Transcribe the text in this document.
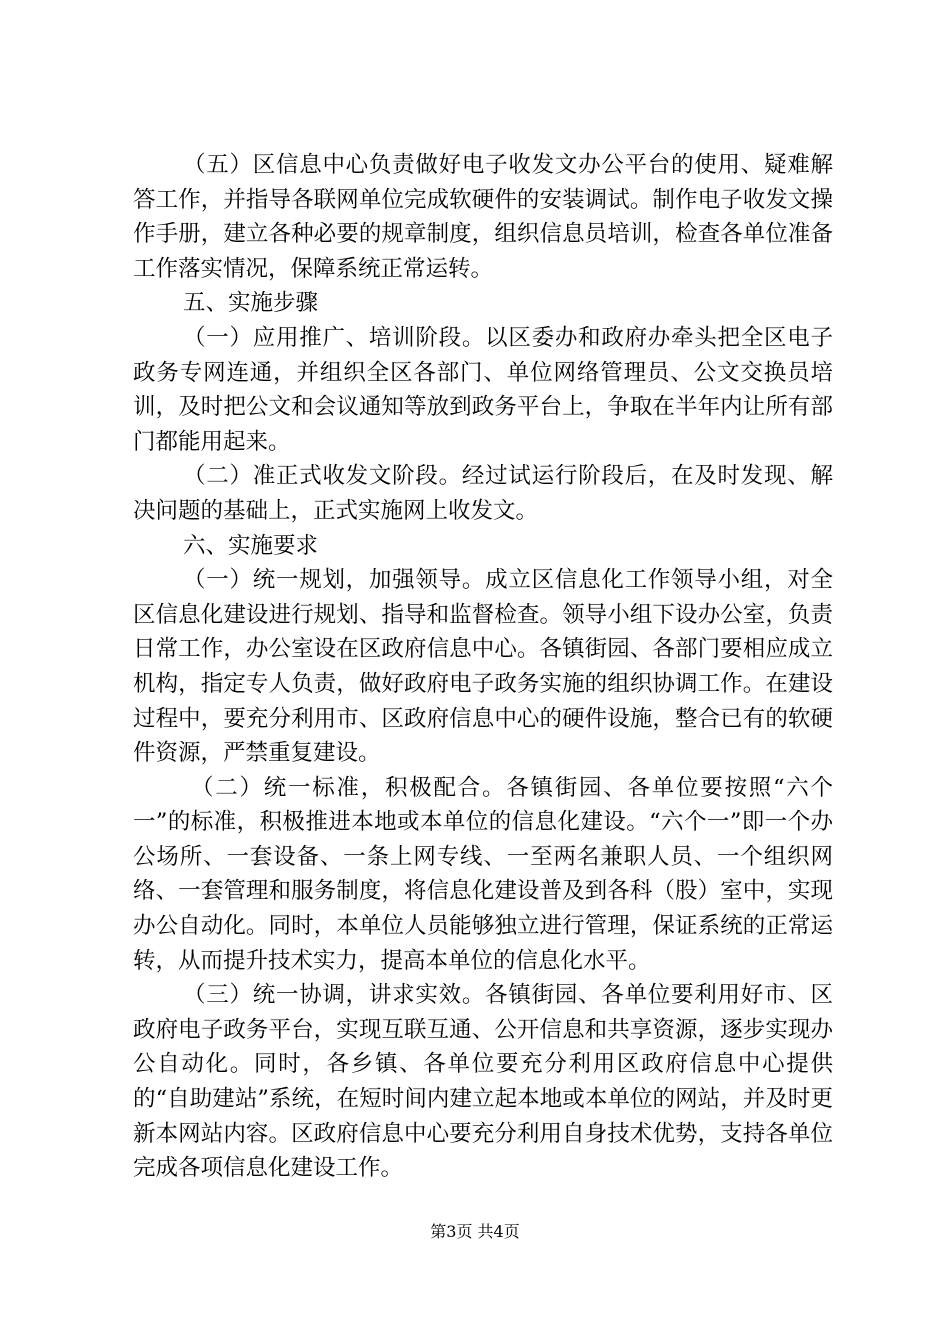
（五）区信息中心负责做好电子收发文办公平台的使用、疑难解答工作，并指导各联网单位完成软硬件的安装调试。制作电子收发文操作手册，建立各种必要的规章制度，组织信息员培训，检查各单位准备工作落实情况，保障系统正常运转。

五、实施步骤

（一）应用推广、培训阶段。以区委办和政府办牵头把全区电子政务专网连通，并组织全区各部门、单位网络管理员、公文交换员培训，及时把公文和会议通知等放到政务平台上，争取在半年内让所有部门都能用起来。

（二）准正式收发文阶段。经过试运行阶段后，在及时发现、解决问题的基础上，正式实施网上收发文。

六、实施要求

（一）统一规划，加强领导。成立区信息化工作领导小组，对全区信息化建设进行规划、指导和监督检查。领导小组下设办公室，负责日常工作，办公室设在区政府信息中心。各镇街园、各部门要相应成立机构，指定专人负责，做好政府电子政务实施的组织协调工作。在建设过程中，要充分利用市、区政府信息中心的硬件设施，整合已有的软硬件资源，严禁重复建设。

（二）统一标准，积极配合。各镇街园、各单位要按照“六个一”的标准，积极推进本地或本单位的信息化建设。“六个一”即一个办公场所、一套设备、一条上网专线、一至两名兼职人员、一个组织网络、一套管理和服务制度，将信息化建设普及到各科（股）室中，实现办公自动化。同时，本单位人员能够独立进行管理，保证系统的正常运转，从而提升技术实力，提高本单位的信息化水平。

（三）统一协调，讲求实效。各镇街园、各单位要利用好市、区政府电子政务平台，实现互联互通、公开信息和共享资源，逐步实现办公自动化。同时，各乡镇、各单位要充分利用区政府信息中心提供的“自助建站”系统，在短时间内建立起本地或本单位的网站，并及时更新本网站内容。区政府信息中心要充分利用自身技术优势，支持各单位完成各项信息化建设工作。

第3页 共4页
